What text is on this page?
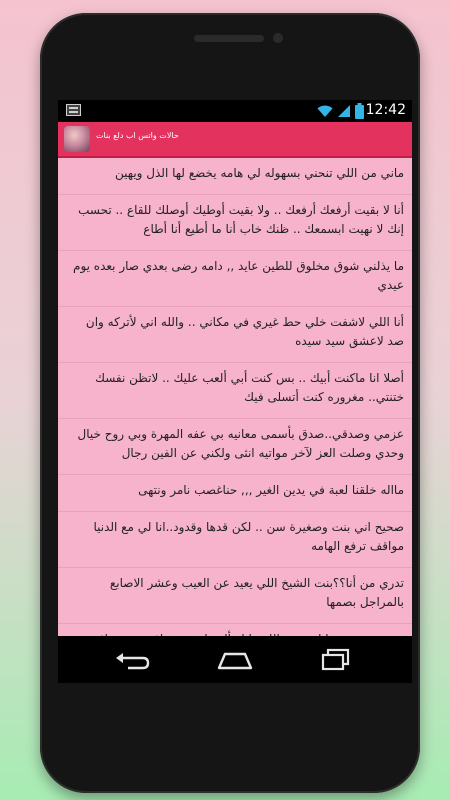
12:42
حالات واتس اب دلع بنات
ماني من اللي تنحني بسهوله لي هامه يخضع لها الذل ويهين
أنا لا بقيت أرفعك أرفعك .. ولا بقيت أوطيك أوصلك للقاع .. تحسب إنك لا نهيت ابسمعك .. ظنك خاب أنا ما أطيع أنا أطاع
ما يذلني شوق مخلوق للطين عايد ,, دامه رضى بعدي صار بعده يوم عيدي
أنا اللي لاشفت خلي حط غيري في مكاني .. والله اني لأتركه وان صد لاعشق سيد سيده
أصلا انا ماكنت أبيك .. بس كنت أبي ألعب عليك .. لاتظن نفسك ختنتي.. مغروره كنت أتسلى فيك
عزمي وصدقي..صدق بأسمى معانيه بي عفه المهرة وبي روح خيال وحدي وصلت العز لآخر مواتيه انثى ولكني عن الفين رجال
مااله خلقنا لعبة في يدين الغير ,,, حناغصب نامر ونتهى
صحيح اني بنت وصغيرة سن .. لكن قدها وقدود..انا لي مع الدنيا مواقف ترفع الهامه
تدري من أنا؟؟بنت الشيخ اللي يعيد عن العيب وعشر الاصابع بالمراجل بصمها
